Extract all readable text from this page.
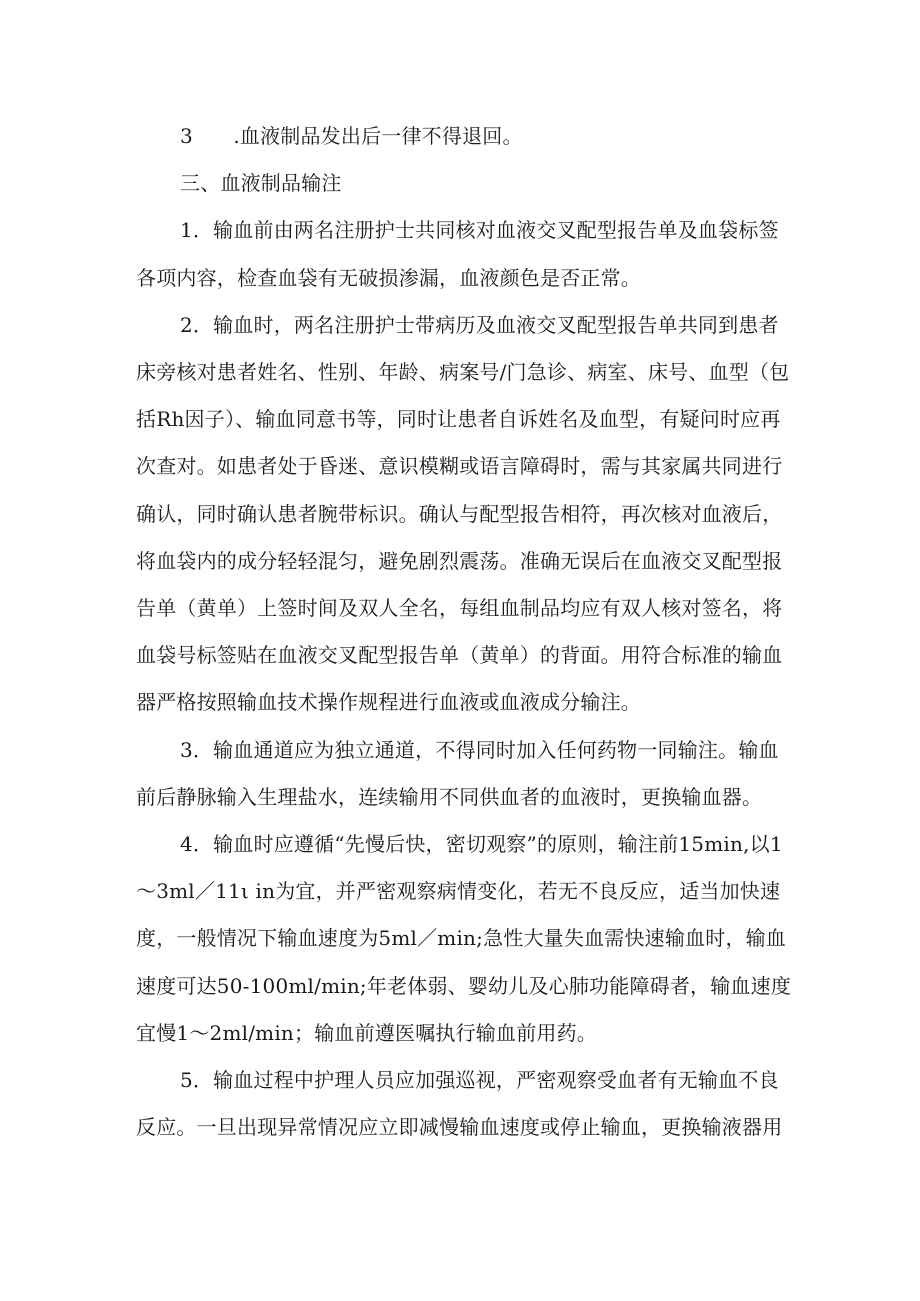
3　　.血液制品发出后一律不得退回。
三、血液制品输注
1．输血前由两名注册护士共同核对血液交叉配型报告单及血袋标签
各项内容，检查血袋有无破损渗漏，血液颜色是否正常。
2．输血时，两名注册护士带病历及血液交叉配型报告单共同到患者
床旁核对患者姓名、性别、年龄、病案号/门急诊、病室、床号、血型（包
括Rh因子）、输血同意书等，同时让患者自诉姓名及血型，有疑问时应再
次查对。如患者处于昏迷、意识模糊或语言障碍时，需与其家属共同进行
确认，同时确认患者腕带标识。确认与配型报告相符，再次核对血液后，
将血袋内的成分轻轻混匀，避免剧烈震荡。准确无误后在血液交叉配型报
告单（黄单）上签时间及双人全名，每组血制品均应有双人核对签名，将
血袋号标签贴在血液交叉配型报告单（黄单）的背面。用符合标准的输血
器严格按照输血技术操作规程进行血液或血液成分输注。
3．输血通道应为独立通道，不得同时加入任何药物一同输注。输血
前后静脉输入生理盐水，连续输用不同供血者的血液时，更换输血器。
4．输血时应遵循“先慢后快，密切观察”的原则，输注前15min,以1
～3ml／11ι in为宜，并严密观察病情变化，若无不良反应，适当加快速
度，一般情况下输血速度为5ml／min;急性大量失血需快速输血时，输血
速度可达50-100ml/min;年老体弱、婴幼儿及心肺功能障碍者，输血速度
宜慢1～2ml/min；输血前遵医嘱执行输血前用药。
5．输血过程中护理人员应加强巡视，严密观察受血者有无输血不良
反应。一旦出现异常情况应立即减慢输血速度或停止输血，更换输液器用
